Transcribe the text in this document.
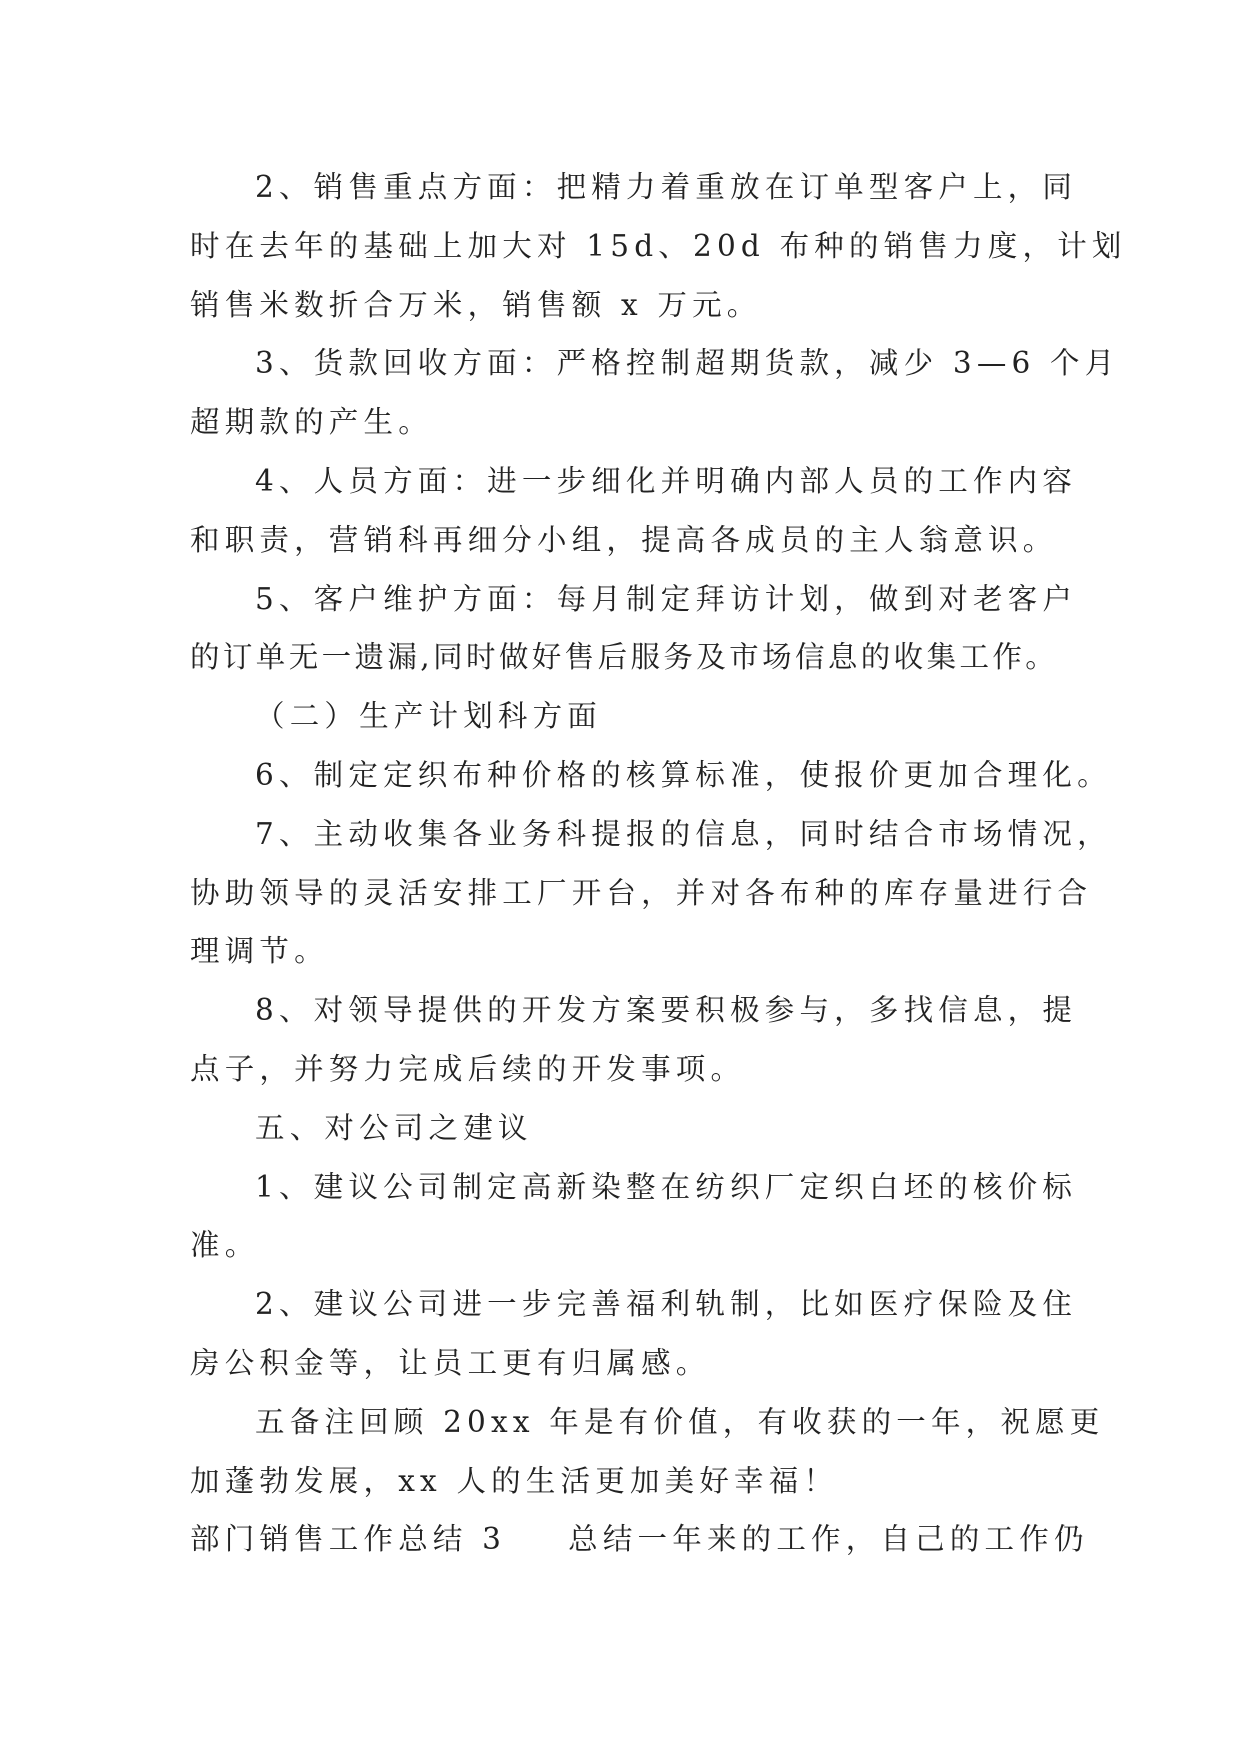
2、销售重点方面：把精力着重放在订单型客户上，同
时在去年的基础上加大对 15d、20d 布种的销售力度，计划
销售米数折合万米，销售额 x 万元。
3、货款回收方面：严格控制超期货款，减少 3—6 个月
超期款的产生。
4、人员方面：进一步细化并明确内部人员的工作内容
和职责，营销科再细分小组，提高各成员的主人翁意识。
5、客户维护方面：每月制定拜访计划，做到对老客户
的订单无一遗漏,同时做好售后服务及市场信息的收集工作。
（二）生产计划科方面
6、制定定织布种价格的核算标准，使报价更加合理化。
7、主动收集各业务科提报的信息，同时结合市场情况，
协助领导的灵活安排工厂开台，并对各布种的库存量进行合
理调节。
8、对领导提供的开发方案要积极参与，多找信息，提
点子，并努力完成后续的开发事项。
五、对公司之建议
1、建议公司制定高新染整在纺织厂定织白坯的核价标
准。
2、建议公司进一步完善福利轨制，比如医疗保险及住
房公积金等，让员工更有归属感。
五备注回顾 20xx 年是有价值，有收获的一年，祝愿更
加蓬勃发展，xx 人的生活更加美好幸福！
部门销售工作总结 3 总结一年来的工作，自己的工作仍
